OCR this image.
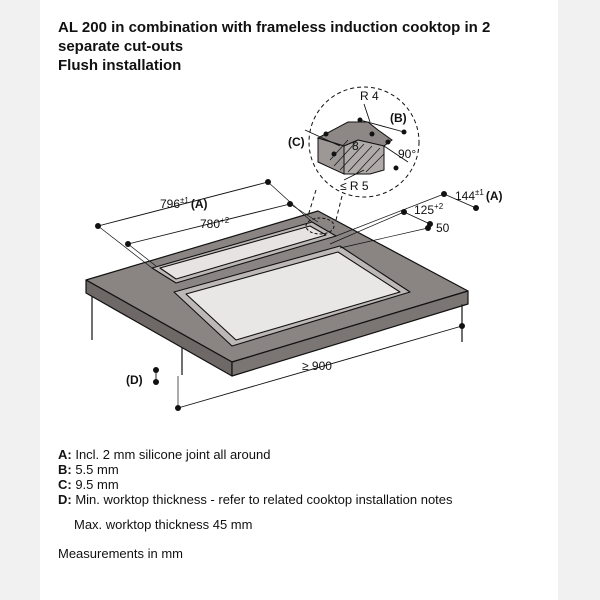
AL 200 in combination with frameless induction cooktop in 2
separate cut-outs
Flush installation
R 4
(B)
(C)	8
90°
≤ R 5
$796^{\pm 1}$ (A)
$780^{+2}$
$144^{\pm 1}$ (A)
$125^{+2}$
50
≥ 900
(D)
A: Incl. 2 mm silicone joint all around
B: 5.5 mm
C: 9.5 mm
D: Min. worktop thickness - refer to related cooktop installation notes
Max. worktop thickness 45 mm
Measurements in mm
